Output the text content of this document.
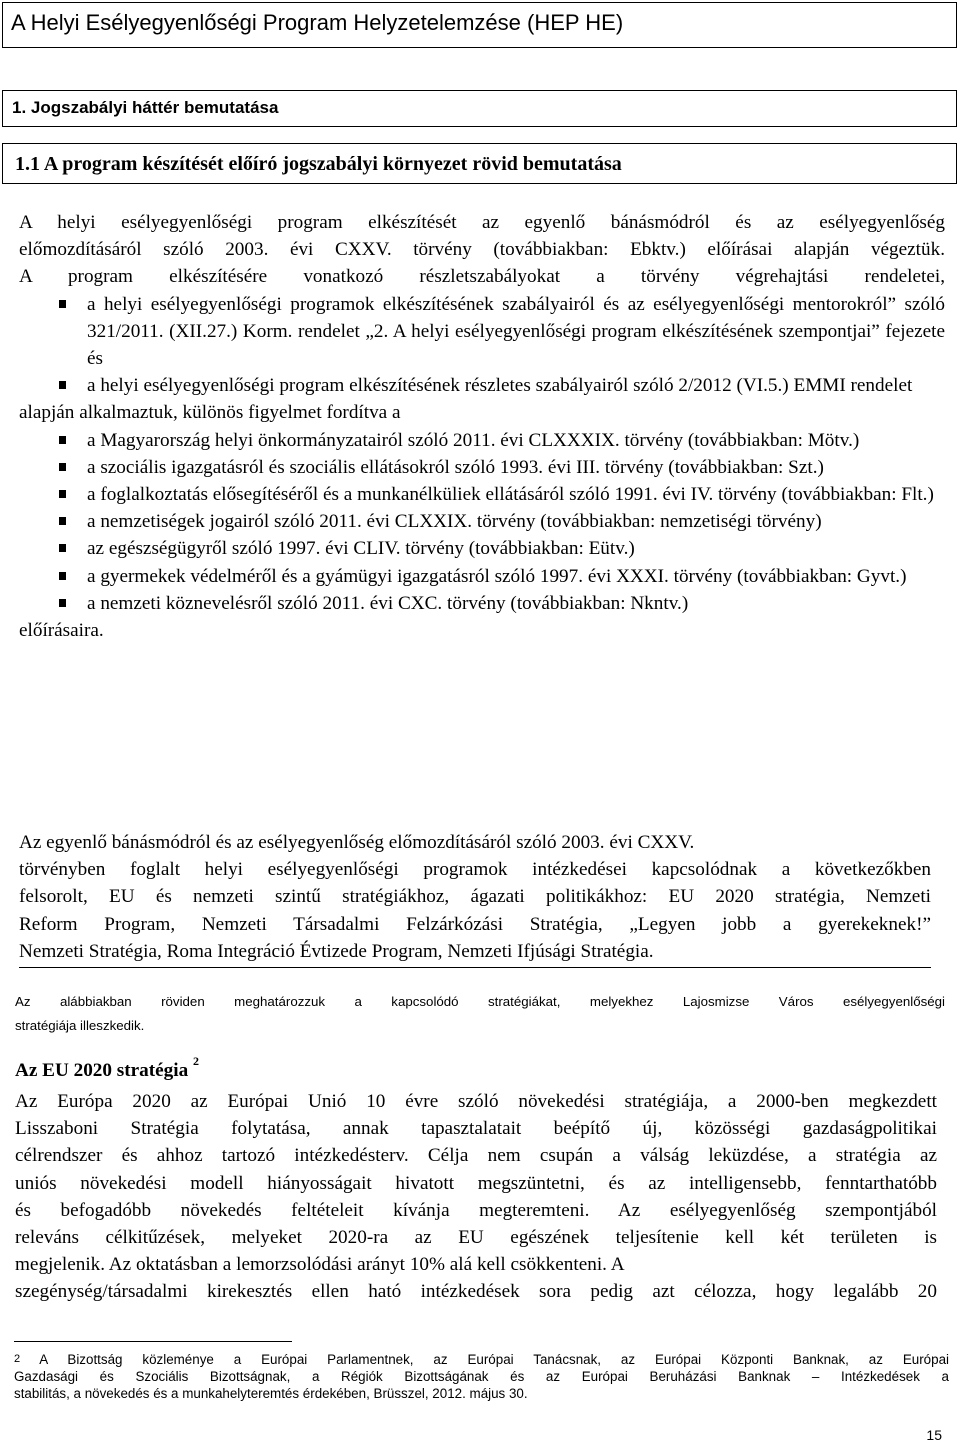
A Helyi Esélyegyenlőségi Program Helyzetelemzése (HEP HE)
1. Jogszabályi háttér bemutatása
1.1 A program készítését előíró jogszabályi környezet rövid bemutatása
A helyi esélyegyenlőségi program elkészítését az egyenlő bánásmódról és az esélyegyenlőség
előmozdításáról szóló 2003. évi CXXV. törvény (továbbiakban: Ebktv.) előírásai alapján végeztük.
A program elkészítésére vonatkozó részletszabályokat a törvény végrehajtási rendeletei,
a helyi esélyegyenlőségi programok elkészítésének szabályairól és az esélyegyenlőségi mentorokról” szóló 321/2011. (XII.27.) Korm. rendelet „2. A helyi esélyegyenlőségi program elkészítésének szempontjai” fejezete és
a helyi esélyegyenlőségi program elkészítésének részletes szabályairól szóló 2/2012 (VI.5.) EMMI rendelet
alapján alkalmaztuk, különös figyelmet fordítva a
a Magyarország helyi önkormányzatairól szóló 2011. évi CLXXXIX. törvény (továbbiakban: Mötv.)
a szociális igazgatásról és szociális ellátásokról szóló 1993. évi III. törvény (továbbiakban: Szt.)
a foglalkoztatás elősegítéséről és a munkanélküliek ellátásáról szóló 1991. évi IV. törvény (továbbiakban: Flt.)
a nemzetiségek jogairól szóló 2011. évi CLXXIX. törvény (továbbiakban: nemzetiségi törvény)
az egészségügyről szóló 1997. évi CLIV. törvény (továbbiakban: Eütv.)
a gyermekek védelméről és a gyámügyi igazgatásról szóló 1997. évi XXXI. törvény (továbbiakban: Gyvt.)
a nemzeti köznevelésről szóló 2011. évi CXC. törvény (továbbiakban: Nkntv.)
előírásaira.
Az egyenlő bánásmódról és az esélyegyenlőség előmozdításáról szóló 2003. évi CXXV.
törvényben foglalt helyi esélyegyenlőségi programok intézkedései kapcsolódnak a következőkben
felsorolt, EU és nemzeti szintű stratégiákhoz, ágazati politikákhoz: EU 2020 stratégia, Nemzeti
Reform Program, Nemzeti Társadalmi Felzárkózási Stratégia, „Legyen jobb a gyerekeknek!”
Nemzeti Stratégia, Roma Integráció Évtizede Program, Nemzeti Ifjúsági Stratégia.
Az alábbiakban röviden meghatározzuk a kapcsolódó stratégiákat, melyekhez Lajosmizse Város esélyegyenlőségi
stratégiája illeszkedik.

Az EU 2020 stratégia $^2$

Az Európa 2020 az Európai Unió 10 évre szóló növekedési stratégiája, a 2000-ben megkezdett
Lisszaboni Stratégia folytatása, annak tapasztalatait beépítő új, közösségi gazdaságpolitikai
célrendszer és ahhoz tartozó intézkedésterv. Célja nem csupán a válság leküzdése, a stratégia az
uniós növekedési modell hiányosságait hivatott megszüntetni, és az intelligensebb, fenntarthatóbb
és befogadóbb növekedés feltételeit kívánja megteremteni. Az esélyegyenlőség szempontjából
releváns célkitűzések, melyeket 2020-ra az EU egészének teljesítenie kell két területen is
megjelenik. Az oktatásban a lemorzsolódási arányt 10% alá kell csökkenteni. A
szegénység/társadalmi kirekesztés ellen ható intézkedések sora pedig azt célozza, hogy legalább 20
$^2$ A Bizottság közleménye a Európai Parlamentnek, az Európai Tanácsnak, az Európai Központi Banknak, az Európai
Gazdasági és Szociális Bizottságnak, a Régiók Bizottságának és az Európai Beruházási Banknak – Intézkedések a
stabilitás, a növekedés és a munkahelyteremtés érdekében, Brüsszel, 2012. május 30.

15
